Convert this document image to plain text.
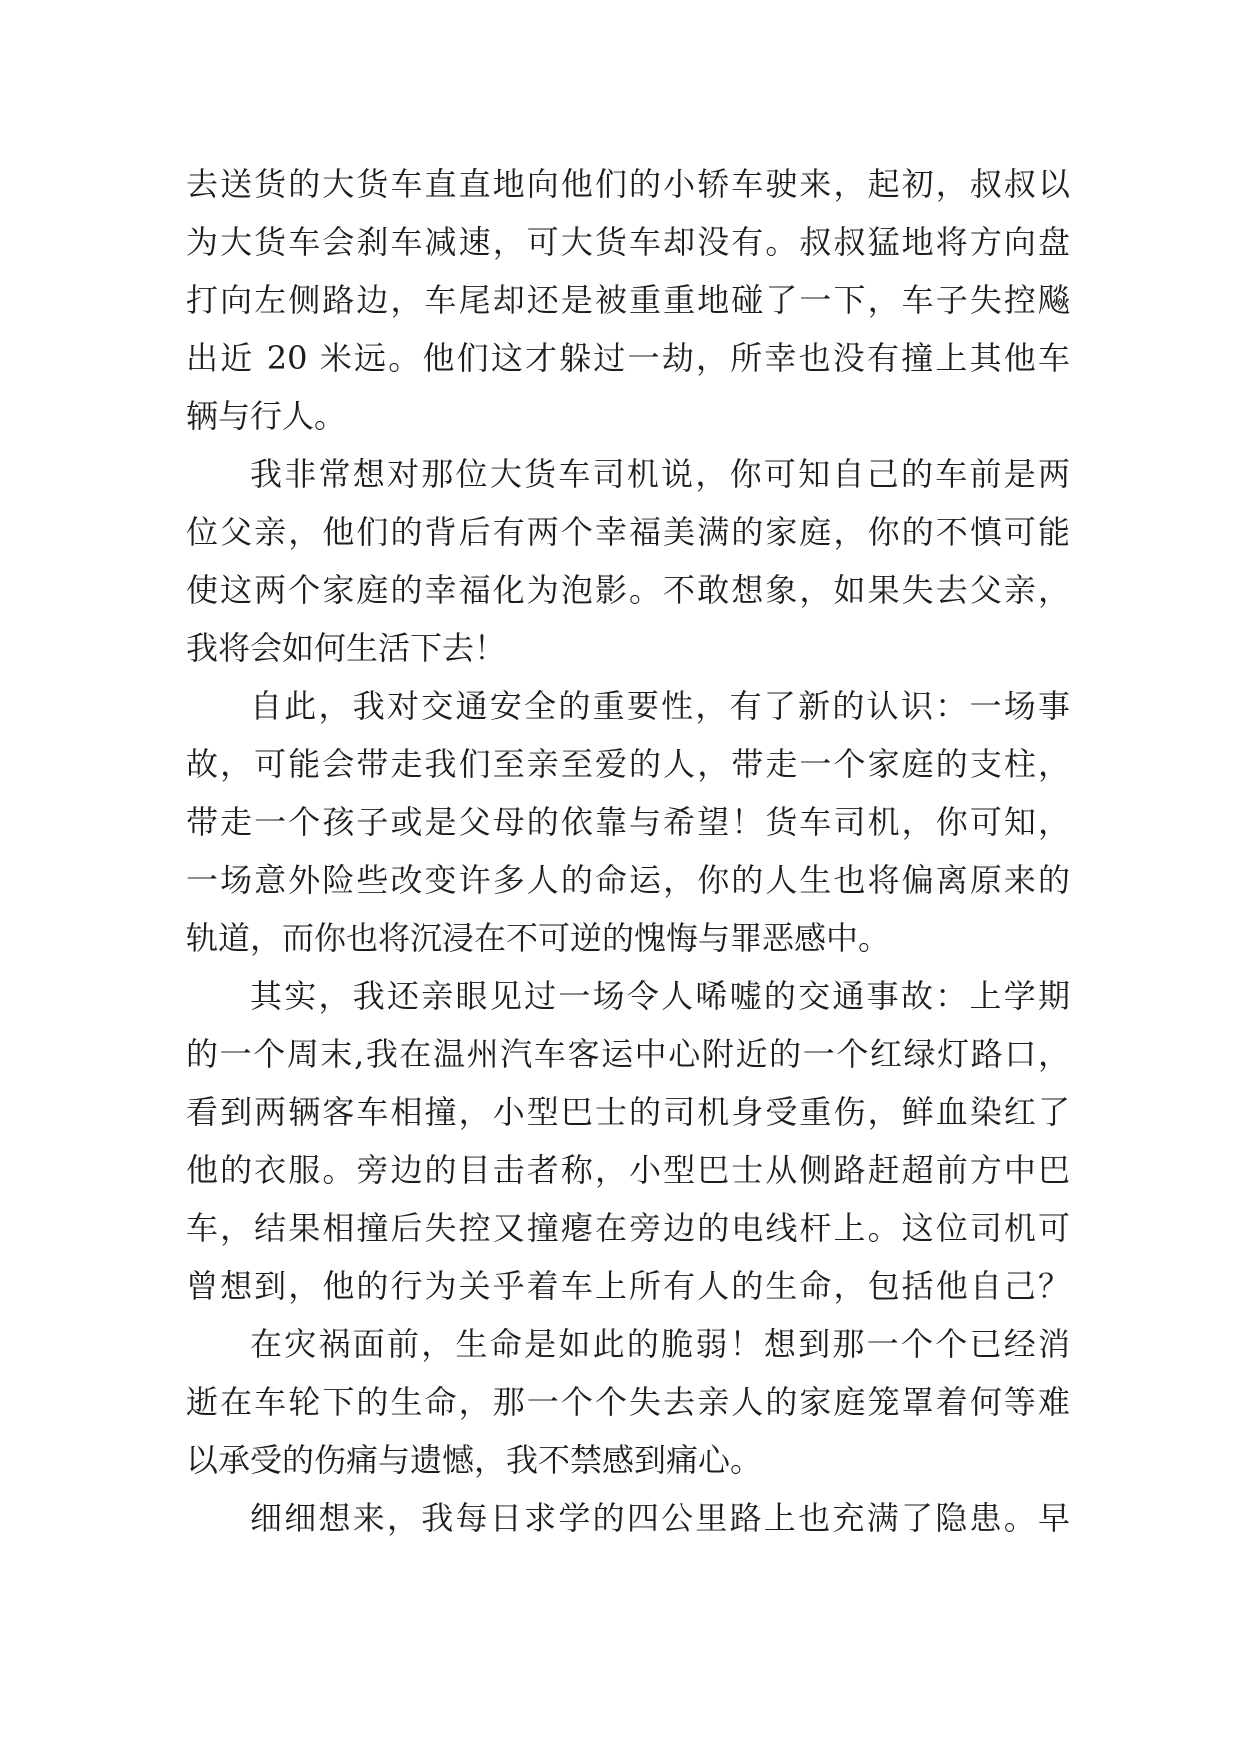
去送货的大货车直直地向他们的小轿车驶来，起初，叔叔以
为大货车会刹车减速，可大货车却没有。叔叔猛地将方向盘
打向左侧路边，车尾却还是被重重地碰了一下，车子失控飚
出近 20 米远。他们这才躲过一劫，所幸也没有撞上其他车
辆与行人。
我非常想对那位大货车司机说，你可知自己的车前是两
位父亲，他们的背后有两个幸福美满的家庭，你的不慎可能
使这两个家庭的幸福化为泡影。不敢想象，如果失去父亲，
我将会如何生活下去！
自此，我对交通安全的重要性，有了新的认识：一场事
故，可能会带走我们至亲至爱的人，带走一个家庭的支柱，
带走一个孩子或是父母的依靠与希望！货车司机，你可知，
一场意外险些改变许多人的命运，你的人生也将偏离原来的
轨道，而你也将沉浸在不可逆的愧悔与罪恶感中。
其实，我还亲眼见过一场令人唏嘘的交通事故：上学期
的一个周末,我在温州汽车客运中心附近的一个红绿灯路口，
看到两辆客车相撞，小型巴士的司机身受重伤，鲜血染红了
他的衣服。旁边的目击者称，小型巴士从侧路赶超前方中巴
车，结果相撞后失控又撞瘪在旁边的电线杆上。这位司机可
曾想到，他的行为关乎着车上所有人的生命，包括他自己？
在灾祸面前，生命是如此的脆弱！想到那一个个已经消
逝在车轮下的生命，那一个个失去亲人的家庭笼罩着何等难
以承受的伤痛与遗憾，我不禁感到痛心。
细细想来，我每日求学的四公里路上也充满了隐患。早
